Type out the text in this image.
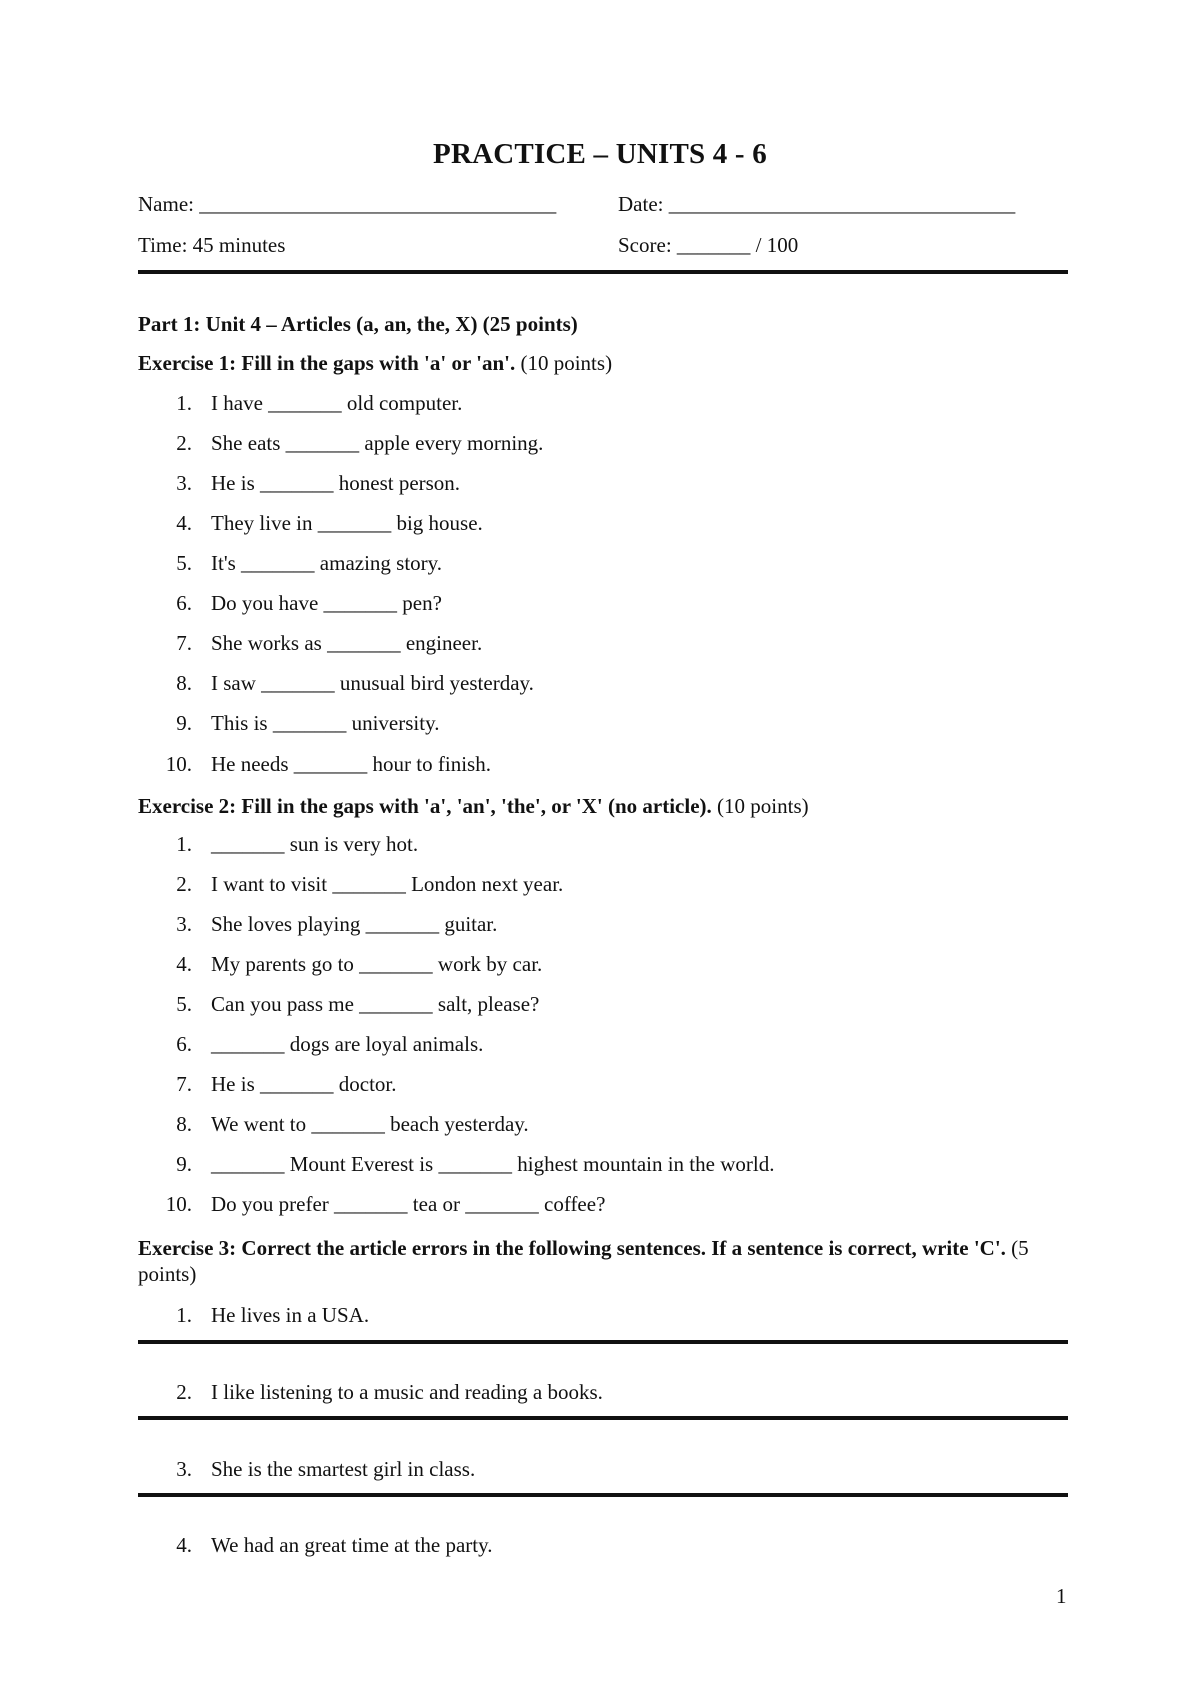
PRACTICE – UNITS 4 - 6
Name: __________________________________	Date: _________________________________
Time: 45 minutes	Score: _______ / 100
Part 1: Unit 4 – Articles (a, an, the, X) (25 points)
Exercise 1: Fill in the gaps with 'a' or 'an'. (10 points)
1. I have _______ old computer.
2. She eats _______ apple every morning.
3. He is _______ honest person.
4. They live in _______ big house.
5. It's _______ amazing story.
6. Do you have _______ pen?
7. She works as _______ engineer.
8. I saw _______ unusual bird yesterday.
9. This is _______ university.
10. He needs _______ hour to finish.
Exercise 2: Fill in the gaps with 'a', 'an', 'the', or 'X' (no article). (10 points)
1. _______ sun is very hot.
2. I want to visit _______ London next year.
3. She loves playing _______ guitar.
4. My parents go to _______ work by car.
5. Can you pass me _______ salt, please?
6. _______ dogs are loyal animals.
7. He is _______ doctor.
8. We went to _______ beach yesterday.
9. _______ Mount Everest is _______ highest mountain in the world.
10. Do you prefer _______ tea or _______ coffee?
Exercise 3: Correct the article errors in the following sentences. If a sentence is correct, write 'C'. (5 points)
1. He lives in a USA.
2. I like listening to a music and reading a books.
3. She is the smartest girl in class.
4. We had an great time at the party.
1
